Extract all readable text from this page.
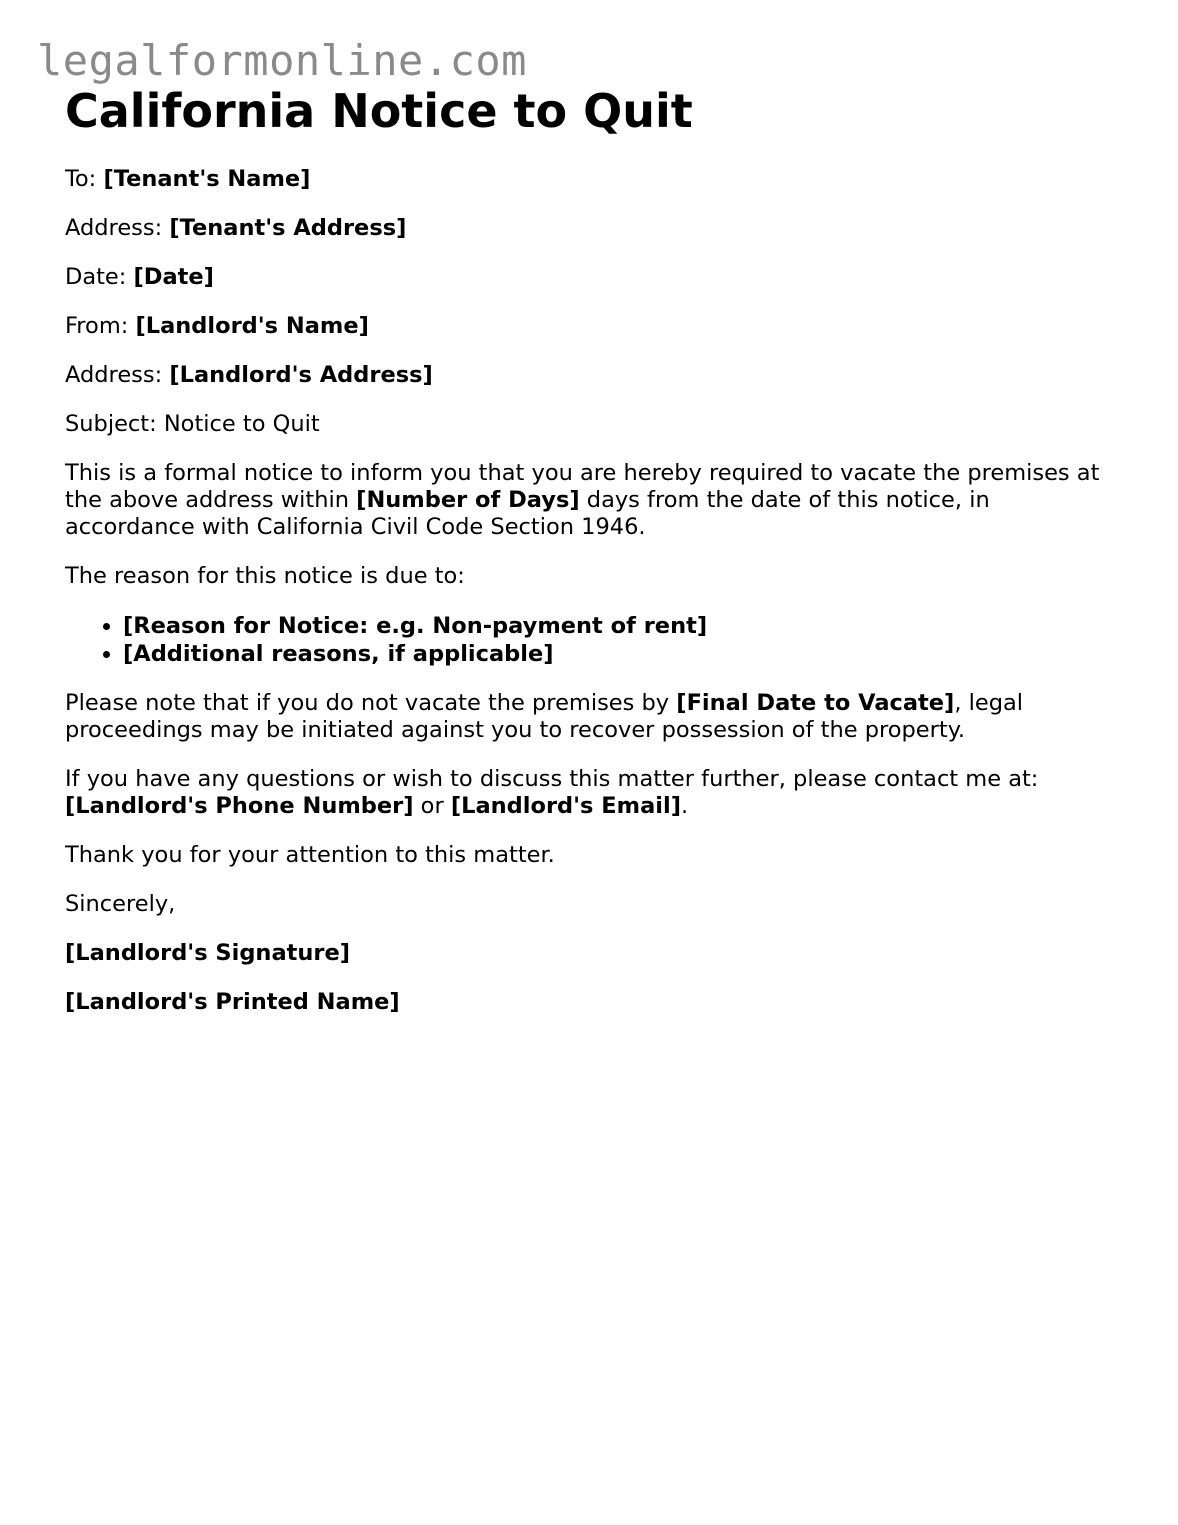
legalformonline.com
California Notice to Quit

To: [Tenant's Name]

Address: [Tenant's Address]

Date: [Date]

From: [Landlord's Name]

Address: [Landlord's Address]

Subject: Notice to Quit

This is a formal notice to inform you that you are hereby required to vacate the premises at the above address within [Number of Days] days from the date of this notice, in accordance with California Civil Code Section 1946.

The reason for this notice is due to:

• [Reason for Notice: e.g. Non-payment of rent]
• [Additional reasons, if applicable]

Please note that if you do not vacate the premises by [Final Date to Vacate], legal proceedings may be initiated against you to recover possession of the property.

If you have any questions or wish to discuss this matter further, please contact me at: [Landlord's Phone Number] or [Landlord's Email].

Thank you for your attention to this matter.

Sincerely,

[Landlord's Signature]

[Landlord's Printed Name]
